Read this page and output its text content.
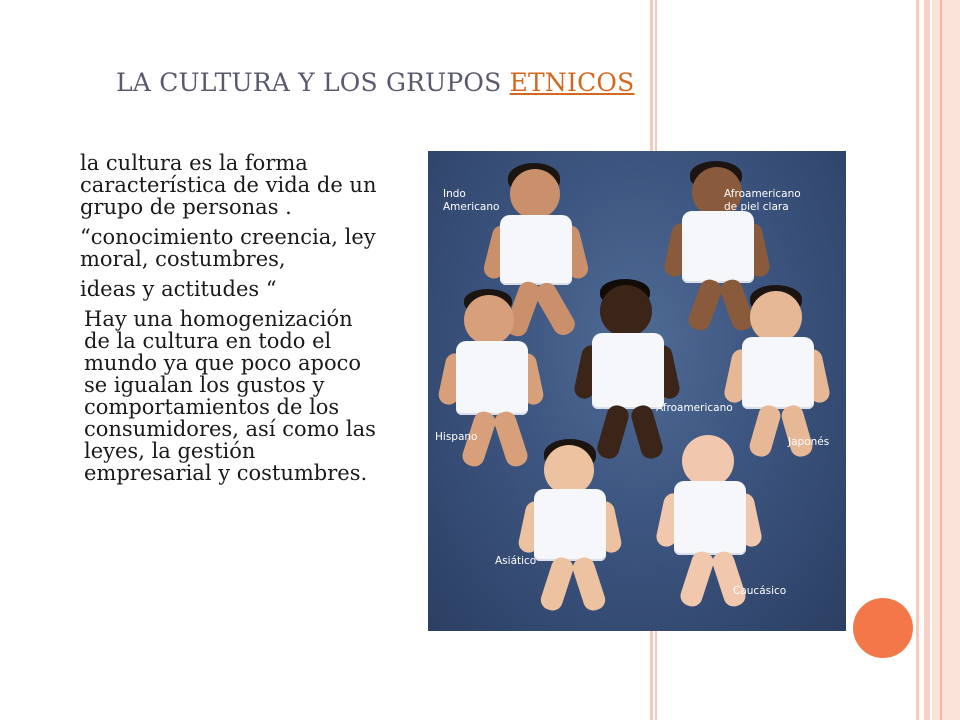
LA CULTURA Y LOS GRUPOS ETNICOS

la cultura es la forma característica de vida de un grupo de personas .

“conocimiento creencia, ley moral, costumbres,

ideas y actitudes “

Hay una homogenización de la cultura en todo el mundo ya que poco apoco se igualan los gustos y comportamientos de los consumidores, así como las leyes, la gestión empresarial y costumbres.

Indo
Americano
Afroamericano
de piel clara
Afroamericano
Hispano	Japonés
Asiático
Caucásico
